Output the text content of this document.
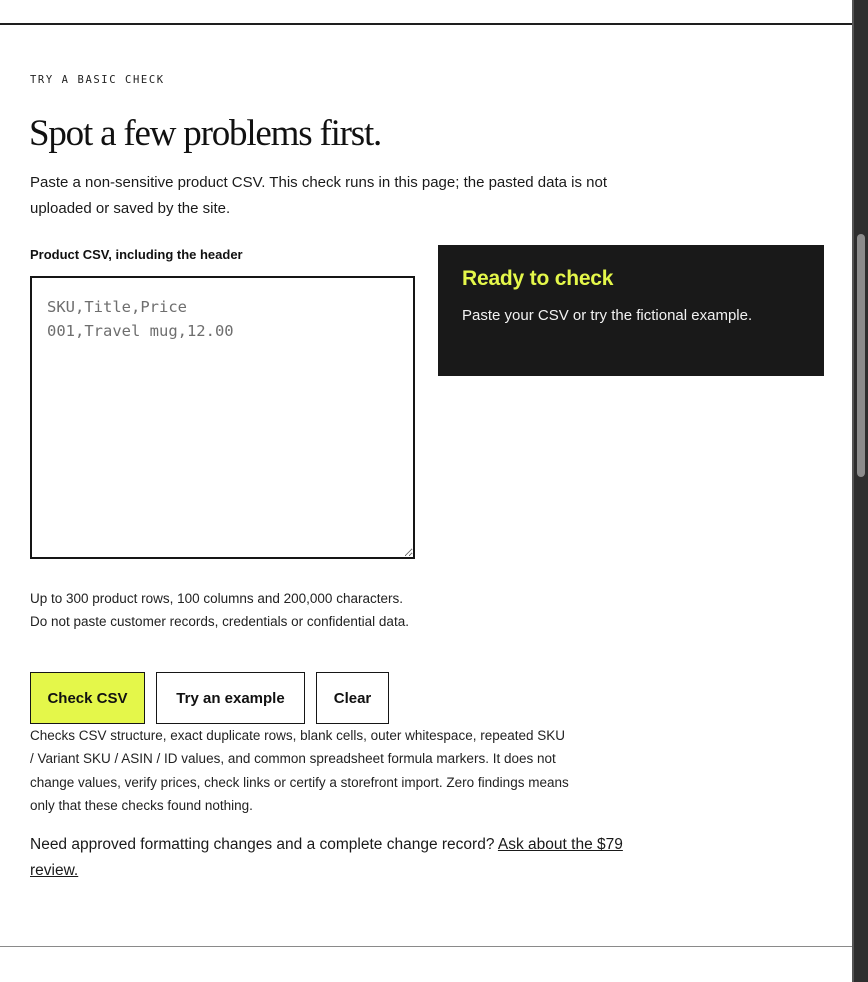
TRY A BASIC CHECK
Spot a few problems first.

Paste a non-sensitive product CSV. This check runs in this page; the pasted data is not uploaded or saved by the site.

Product CSV, including the header
SKU,Title,Price 001,Travel mug,12.00

Ready to check

Paste your CSV or try the fictional example.

Up to 300 product rows, 100 columns and 200,000 characters. Do not paste customer records, credentials or confidential data.

Check CSV	Try an example	Clear

Checks CSV structure, exact duplicate rows, blank cells, outer whitespace, repeated SKU / Variant SKU / ASIN / ID values, and common spreadsheet formula markers. It does not change values, verify prices, check links or certify a storefront import. Zero findings means only that these checks found nothing.

Need approved formatting changes and a complete change record? Ask about the $79 review.
